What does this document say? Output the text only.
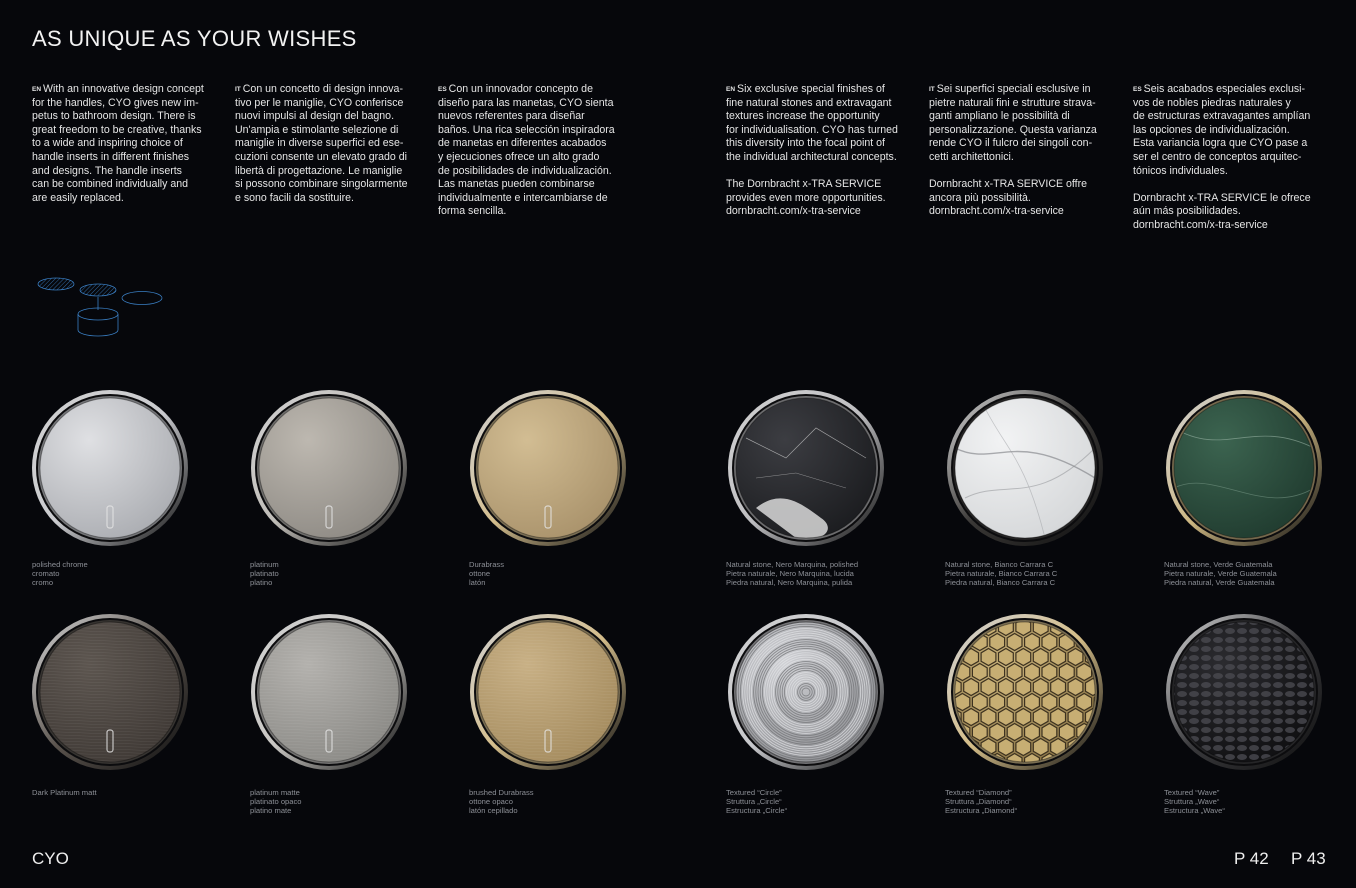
AS UNIQUE AS YOUR WISHES
$^{EN}$ With an innovative design concept for the handles, CYO gives new im-
petus to bathroom design. There is great freedom to be creative, thanks
to a wide and inspiring choice of
handle inserts in different finishes
and designs. The handle inserts
can be combined individually and
are easily replaced.
$^{IT}$ Con un concetto di design innova-
tivo per le maniglie, CYO conferisce
nuovi impulsi al design del bagno.
Un'ampia e stimolante selezione di
maniglie in diverse superfici ed ese-
cuzioni consente un elevato grado di
libertà di progettazione. Le maniglie
si possono combinare singolarmente
e sono facili da sostituire.
$^{ES}$ Con un innovador concepto de
diseño para las manetas, CYO sienta
nuevos referentes para diseñar
baños. Una rica selección inspiradora
de manetas en diferentes acabados
y ejecuciones ofrece un alto grado
de posibilidades de individualización.
Las manetas pueden combinarse
individualmente e intercambiarse de
forma sencilla.
$^{EN}$ Six exclusive special finishes of
fine natural stones and extravagant
textures increase the opportunity
for individualisation. CYO has turned
this diversity into the focal point of
the individual architectural concepts.

The Dornbracht x-TRA SERVICE
provides even more opportunities.
dornbracht.com/x-tra-service
$^{IT}$ Sei superfici speciali esclusive in
pietre naturali fini e strutture strava-
ganti ampliano le possibilità di
personalizzazione. Questa varianza
rende CYO il fulcro dei singoli con-
cetti architettonici.

Dornbracht x-TRA SERVICE offre
ancora più possibilità.
dornbracht.com/x-tra-service
$^{ES}$ Seis acabados especiales exclusi-
vos de nobles piedras naturales y
de estructuras extravagantes amplían
las opciones de individualización.
Esta variancia logra que CYO pase a
ser el centro de conceptos arquitec-
tónicos individuales.

Dornbracht x-TRA SERVICE le ofrece
aún más posibilidades.
dornbracht.com/x-tra-service
polished chrome
cromato
cromo
platinum
platinato
platino
Durabrass
ottone
latón
Natural stone, Nero Marquina, polished
Pietra naturale, Nero Marquina, lucida
Piedra natural, Nero Marquina, pulida
Natural stone, Bianco Carrara C
Pietra naturale, Bianco Carrara C
Piedra natural, Bianco Carrara C
Natural stone, Verde Guatemala
Pietra naturale, Verde Guatemala
Piedra natural, Verde Guatemala
Dark Platinum matt	platinum matte
platinato opaco
platino mate
brushed Durabrass
ottone opaco
latón cepillado
Textured “Circle”
Struttura „Circle“
Estructura „Circle“
Textured “Diamond”
Struttura „Diamond“
Estructura „Diamond“
Textured “Wave”
Struttura „Wave“
Estructura „Wave“
CYO	P 42 P 43
